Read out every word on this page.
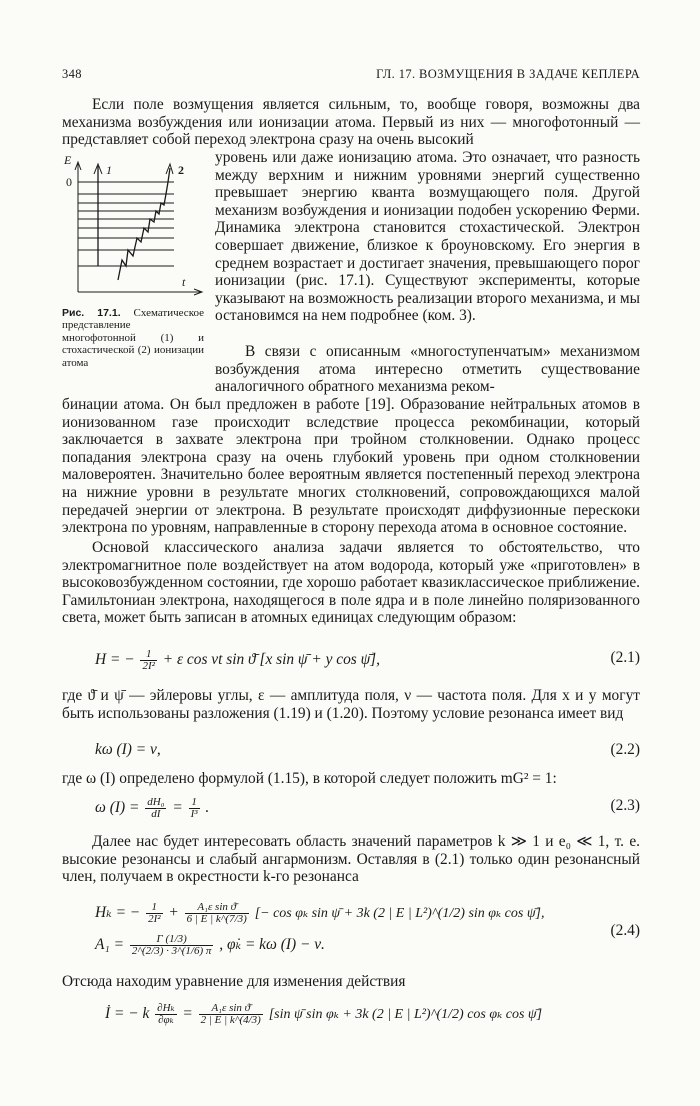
348	ГЛ. 17. ВОЗМУЩЕНИЯ В ЗАДАЧЕ КЕПЛЕРА
Если поле возмущения является сильным, то, вообще говоря, возможны два механизма возбуждения или ионизации атома. Первый из них — многофотонный — представляет собой переход электрона сразу на очень высокий
E
0
1	2
t
Рис. 17.1. Схематическое представление многофотонной (1) и стохастической (2) ионизации атома
уровень или даже ионизацию атома. Это означает, что разность между верхним и нижним уровнями энергий существенно превышает энергию кванта возмущающего поля. Другой механизм возбуждения и ионизации подобен ускорению Ферми. Динамика электрона становится стохастической. Электрон совершает движение, близкое к броуновскому. Его энергия в среднем возрастает и достигает значения, превышающего порог ионизации (рис. 17.1). Существуют эксперименты, которые указывают на возможность реализации второго механизма, и мы остановимся на нем подробнее (ком. 3).
В связи с описанным «многоступенчатым» механизмом возбуждения атома интересно отметить существование аналогичного обратного механизма реком-
бинации атома. Он был предложен в работе [19]. Образование нейтральных атомов в ионизованном газе происходит вследствие процесса рекомбинации, который заключается в захвате электрона при тройном столкновении. Однако процесс попадания электрона сразу на очень глубокий уровень при одном столкновении маловероятен. Значительно более вероятным является постепенный переход электрона на нижние уровни в результате многих столкновений, сопровождающихся малой передачей энергии от электрона. В результате происходят диффузионные перескоки электрона по уровням, направленные в сторону перехода атома в основное состояние.
Основой классического анализа задачи является то обстоятельство, что электромагнитное поле воздействует на атом водорода, который уже «приготовлен» в высоковозбужденном состоянии, где хорошо работает квазиклассическое приближение. Гамильтониан электрона, находящегося в поле ядра и в поле линейно поляризованного света, может быть записан в атомных единицах следующим образом:
H = − $\frac{1}{\text{2I²}} + \varepsilon$ cos νt sin ϑ̄ [x sin ψ̄ + y cos ψ̄],	(2.1)
где ϑ̄ и ψ̄ — эйлеровы углы, ε — амплитуда поля, ν — частота поля. Для x и y могут быть использованы разложения (1.19) и (1.20). Поэтому условие резонанса имеет вид
kω (I) = ν,	(2.2)
где ω (I) определено формулой (1.15), в которой следует положить mG² = 1:
ω $(I) = \frac{\text{dH₀}}{dI} = \frac{1}{\text{I³}}$ .	(2.3)
Далее нас будет интересовать область значений параметров k ≫ 1 и e₀ ≪ 1, т. е. высокие резонансы и слабый ангармонизм. Оставляя в (2.1) только один резонансный член, получаем в окрестности k-го резонанса
Hₖ = − $\frac{1}{\text{2I²}} + \frac{\text{A₁ε sin ϑ̄}}{6 | E | k\^{}(7/3)}$ [− cos φₖ sin ψ̄ + 3k (2 | E | L²)^(1/2) sin φₖ cos ψ̄],
$A_1 = \frac{\Gamma (1/3)}{2\^{}(2/3) \cdot 3\^{}(1/6) \pi}$ , φ̇ₖ = kω (I) − ν.
(2.4)
Отсюда находим уравнение для изменения действия
İ = − k $\frac{\text{∂Hₖ}}{\text{∂φₖ}} = \frac{\text{A₁ε sin ϑ̄}}{2 | E | k\^{}(4/3)} [\sin$ ψ̄ sin φₖ + 3k (2 | E | L²)^(1/2) cos φₖ cos ψ̄]
